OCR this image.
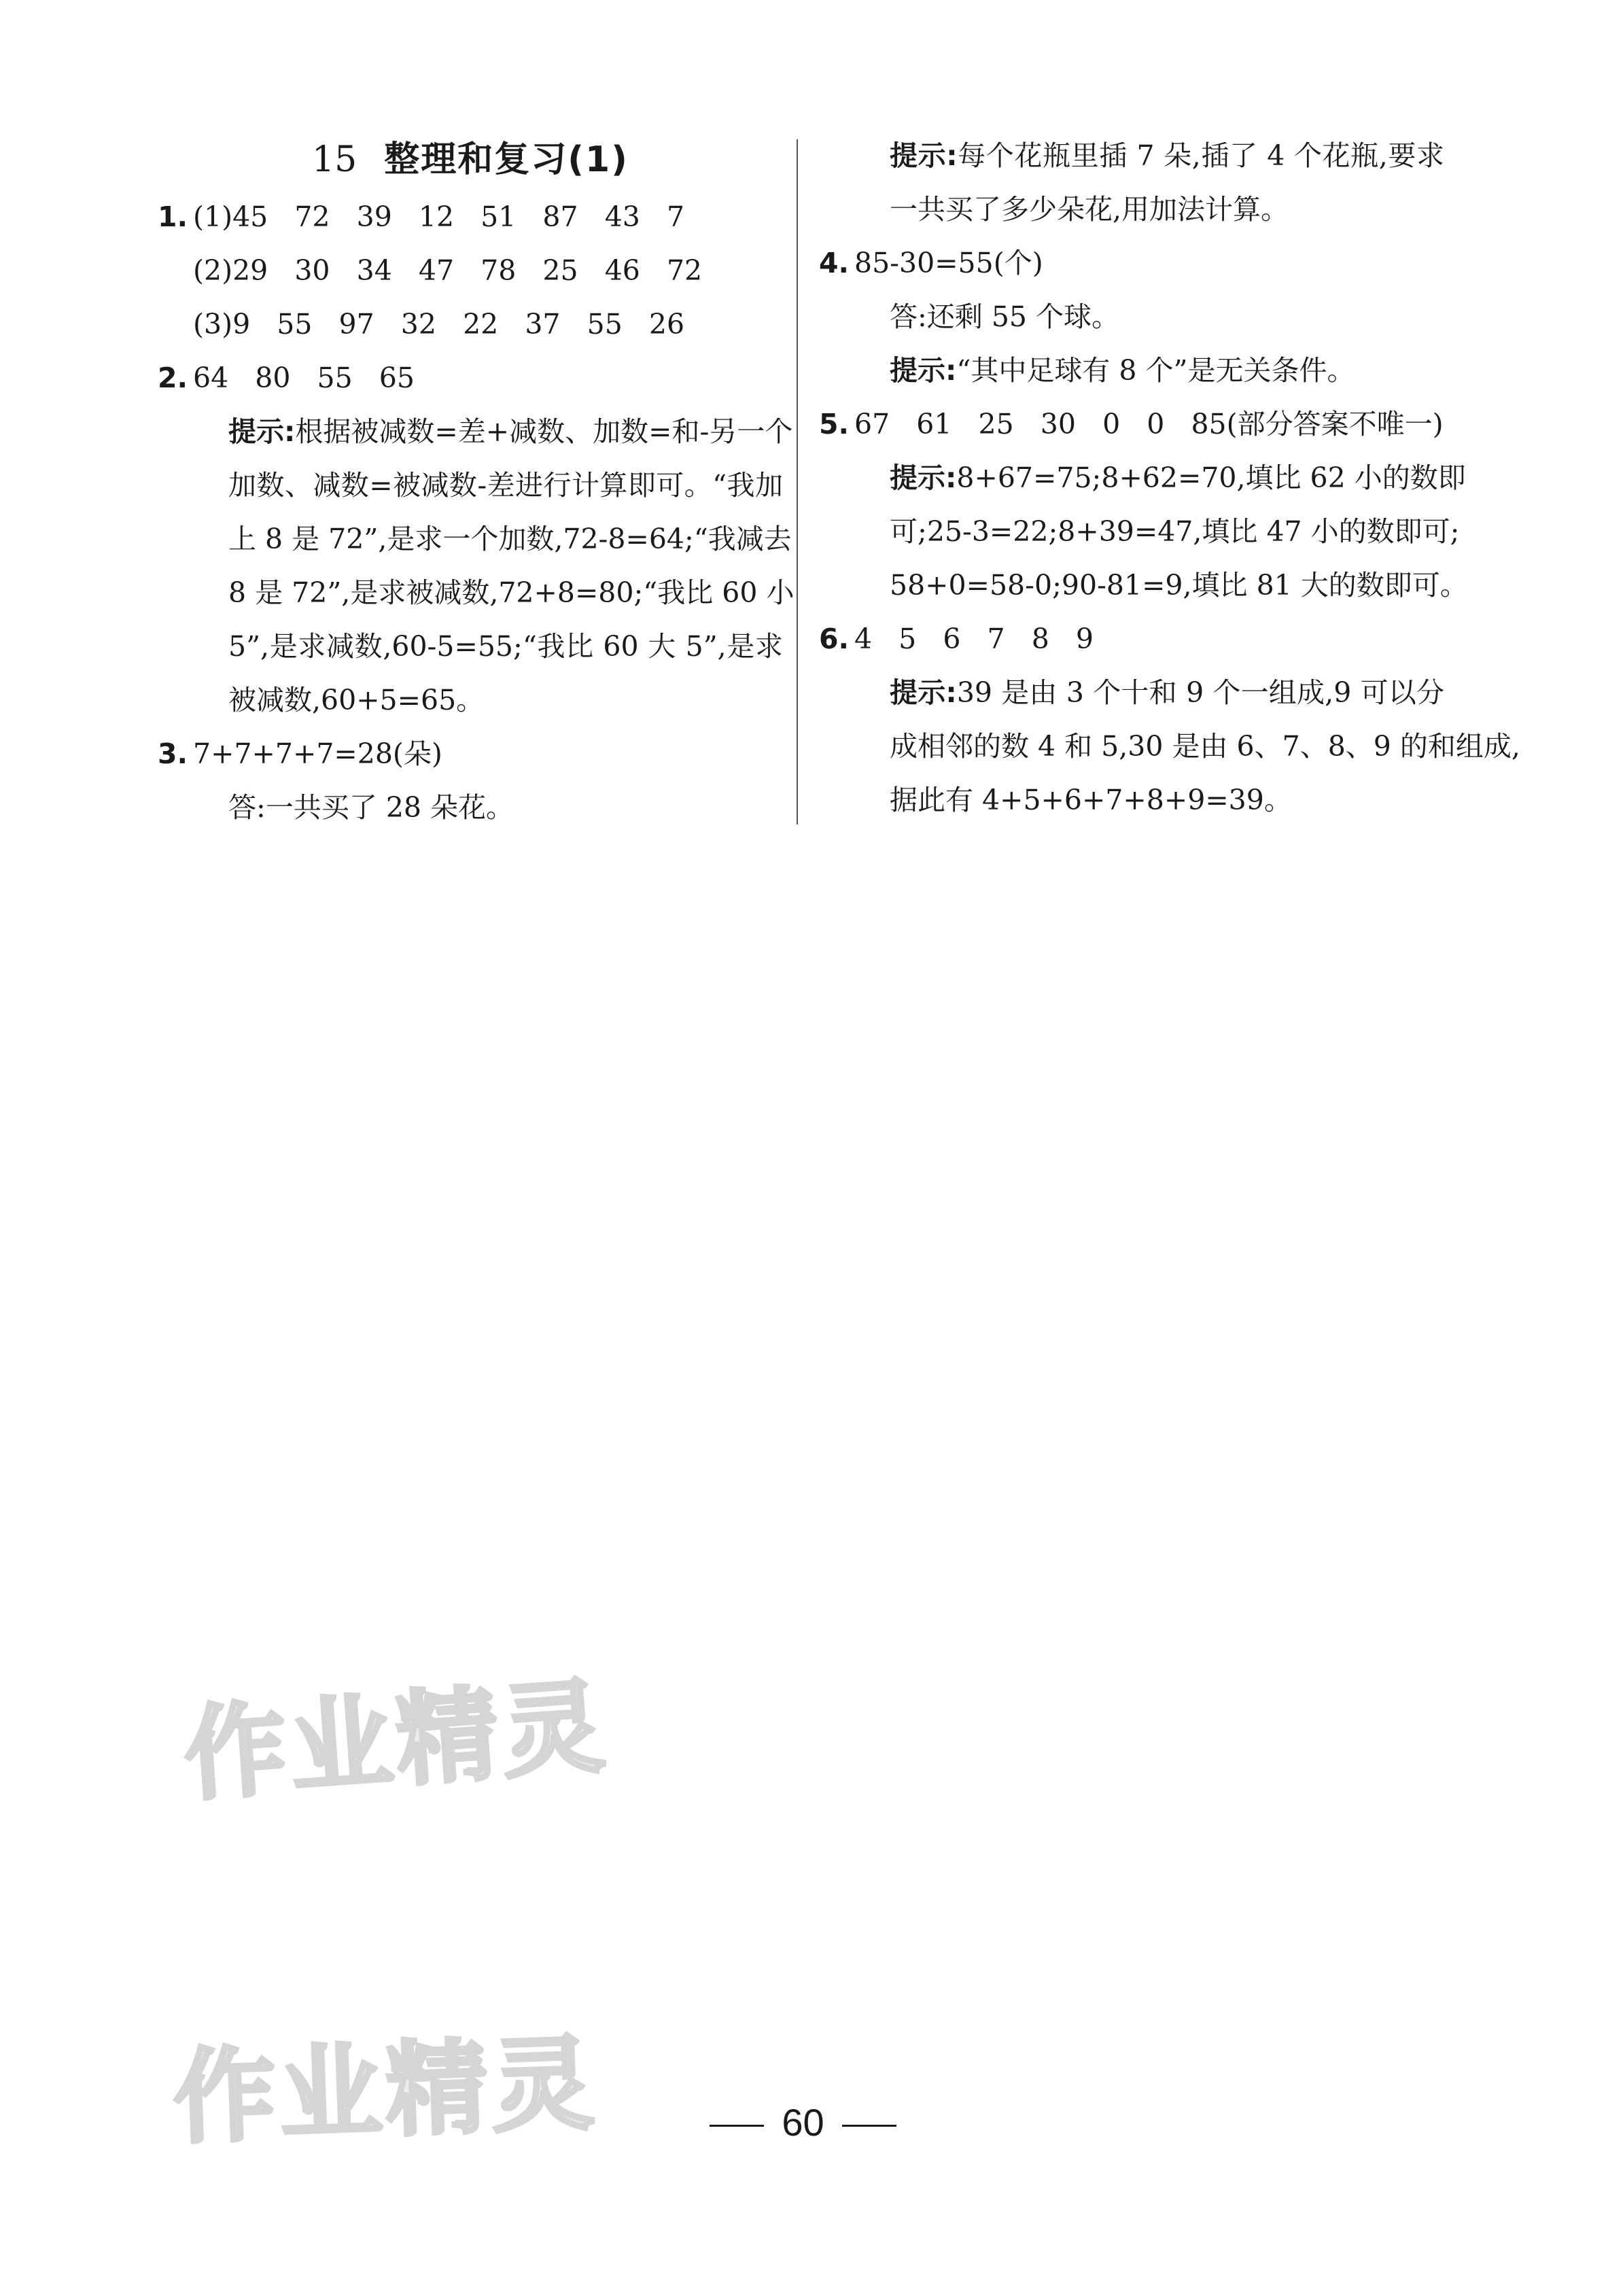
15 整理和复习(1)
1. (1)45   72   39   12   51   87   43   7
(2)29   30   34   47   78   25   46   72
(3)9   55   97   32   22   37   55   26
2. 64   80   55   65
提示:根据被减数=差+减数、加数=和-另一个
加数、减数=被减数-差进行计算即可。“我加
上 8 是 72”,是求一个加数,72-8=64;“我减去
8 是 72”,是求被减数,72+8=80;“我比 60 小
5”,是求减数,60-5=55;“我比 60 大 5”,是求
被减数,60+5=65。
3. 7+7+7+7=28(朵)
答:一共买了 28 朵花。
提示:每个花瓶里插 7 朵,插了 4 个花瓶,要求
一共买了多少朵花,用加法计算。
4. 85-30=55(个)
答:还剩 55 个球。
提示:“其中足球有 8 个”是无关条件。
5. 67   61   25   30   0   0   85(部分答案不唯一)
提示:8+67=75;8+62=70,填比 62 小的数即
可;25-3=22;8+39=47,填比 47 小的数即可;
58+0=58-0;90-81=9,填比 81 大的数即可。
6. 4   5   6   7   8   9
提示:39 是由 3 个十和 9 个一组成,9 可以分
成相邻的数 4 和 5,30 是由 6、7、8、9 的和组成,
据此有 4+5+6+7+8+9=39。
作业精灵
作业精灵	60
